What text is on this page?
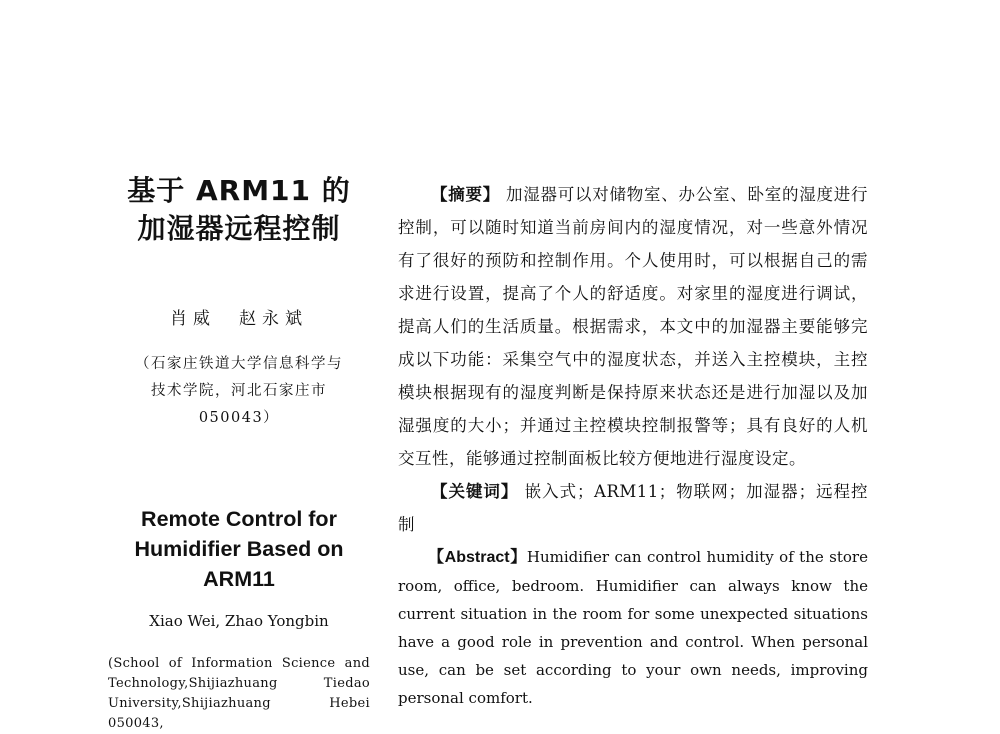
基于 ARM11 的
加湿器远程控制
肖威　赵永斌
（石家庄铁道大学信息科学与
技术学院，河北石家庄市
050043）
Remote Control for
Humidifier Based on
ARM11
Xiao Wei, Zhao Yongbin
(School of Information Science and Technology,Shijiazhuang Tiedao University,Shijiazhuang Hebei 050043,

【摘要】 加湿器可以对储物室、办公室、卧室的湿度进行控制，可以随时知道当前房间内的湿度情况，对一些意外情况有了很好的预防和控制作用。个人使用时，可以根据自己的需求进行设置，提高了个人的舒适度。对家里的湿度进行调试，提高人们的生活质量。根据需求，本文中的加湿器主要能够完成以下功能：采集空气中的湿度状态，并送入主控模块，主控模块根据现有的湿度判断是保持原来状态还是进行加湿以及加湿强度的大小；并通过主控模块控制报警等；具有良好的人机交互性，能够通过控制面板比较方便地进行湿度设定。

【关键词】 嵌入式；ARM11；物联网；加湿器；远程控制

【Abstract】Humidifier can control humidity of the store room, office, bedroom. Humidifier can always know the current situation in the room for some unexpected situations have a good role in prevention and control. When personal use, can be set according to your own needs, improving personal comfort.
